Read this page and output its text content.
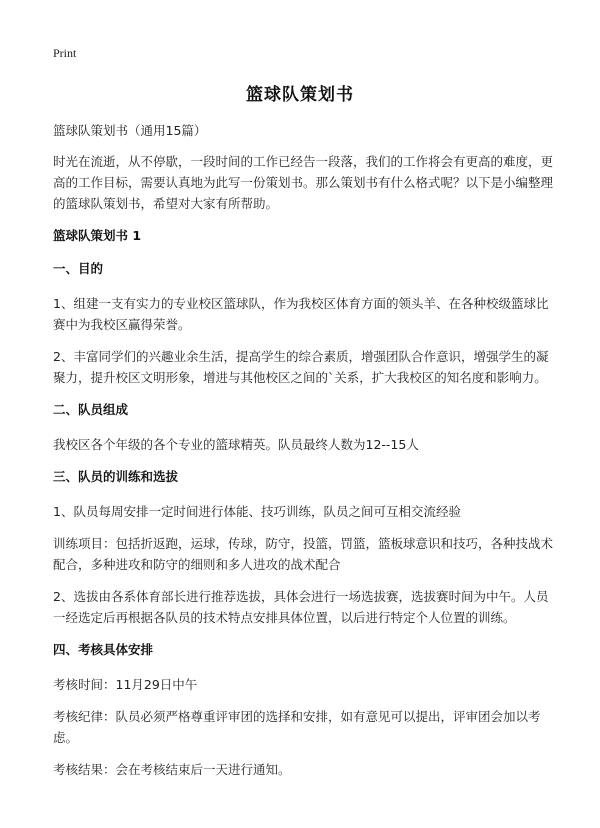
Print
篮球队策划书

篮球队策划书（通用15篇）

时光在流逝，从不停歇，一段时间的工作已经告一段落，我们的工作将会有更高的难度，更高的工作目标，需要认真地为此写一份策划书。那么策划书有什么格式呢？以下是小编整理的篮球队策划书，希望对大家有所帮助。

篮球队策划书 1

一、目的

1、组建一支有实力的专业校区篮球队，作为我校区体育方面的领头羊、在各种校级篮球比赛中为我校区赢得荣誉。

2、丰富同学们的兴趣业余生活，提高学生的综合素质，增强团队合作意识，增强学生的凝聚力，提升校区文明形象，增进与其他校区之间的`关系，扩大我校区的知名度和影响力。

二、队员组成

我校区各个年级的各个专业的篮球精英。队员最终人数为12--15人

三、队员的训练和选拔

1、队员每周安排一定时间进行体能、技巧训练，队员之间可互相交流经验

训练项目：包括折返跑，运球，传球，防守，投篮，罚篮，篮板球意识和技巧，各种技战术配合，多种进攻和防守的细则和多人进攻的战术配合

2、选拔由各系体育部长进行推荐选拔，具体会进行一场选拔赛，选拔赛时间为中午。人员一经选定后再根据各队员的技术特点安排具体位置，以后进行特定个人位置的训练。

四、考核具体安排

考核时间：11月29日中午

考核纪律：队员必须严格尊重评审团的选择和安排，如有意见可以提出，评审团会加以考虑。

考核结果：会在考核结束后一天进行通知。
